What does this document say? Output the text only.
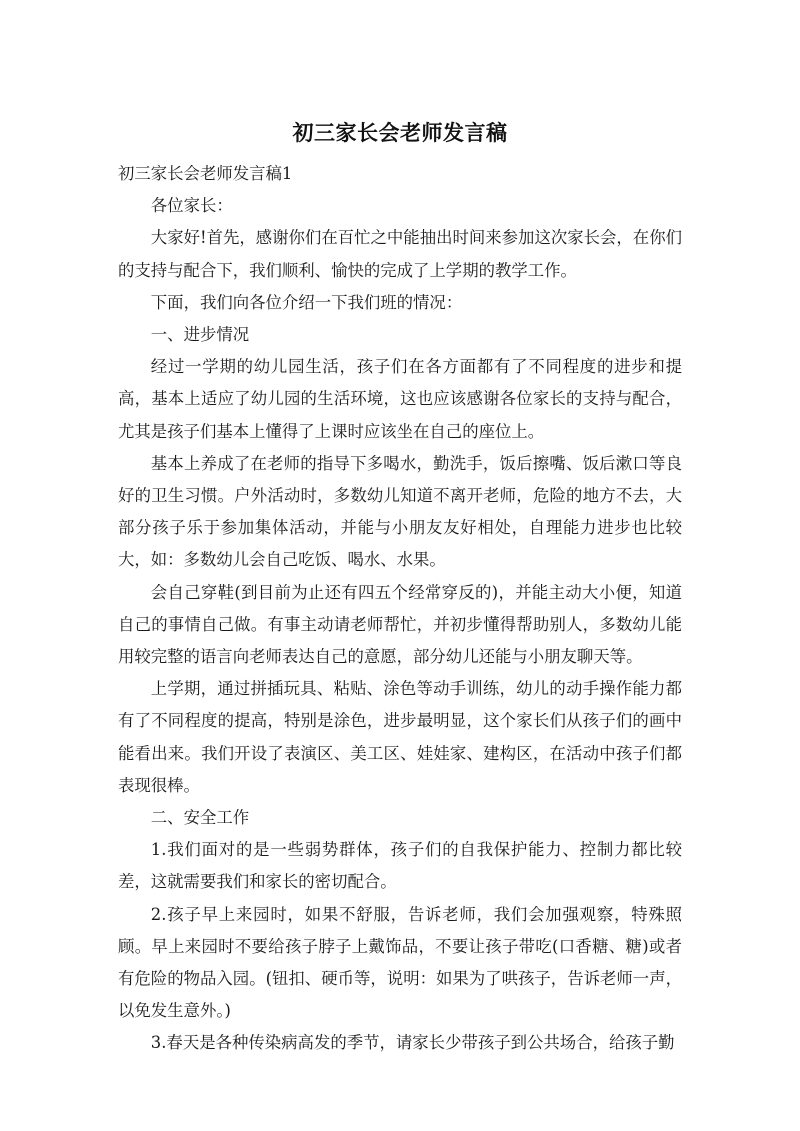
初三家长会老师发言稿

初三家长会老师发言稿1

各位家长：

大家好!首先，感谢你们在百忙之中能抽出时间来参加这次家长会，在你们的支持与配合下，我们顺利、愉快的完成了上学期的教学工作。

下面，我们向各位介绍一下我们班的情况：

一、进步情况

经过一学期的幼儿园生活，孩子们在各方面都有了不同程度的进步和提高，基本上适应了幼儿园的生活环境，这也应该感谢各位家长的支持与配合，尤其是孩子们基本上懂得了上课时应该坐在自己的座位上。

基本上养成了在老师的指导下多喝水，勤洗手，饭后擦嘴、饭后漱口等良好的卫生习惯。户外活动时，多数幼儿知道不离开老师，危险的地方不去，大部分孩子乐于参加集体活动，并能与小朋友友好相处，自理能力进步也比较大，如：多数幼儿会自己吃饭、喝水、水果。

会自己穿鞋(到目前为止还有四五个经常穿反的)，并能主动大小便，知道自己的事情自己做。有事主动请老师帮忙，并初步懂得帮助别人，多数幼儿能用较完整的语言向老师表达自己的意愿，部分幼儿还能与小朋友聊天等。

上学期，通过拼插玩具、粘贴、涂色等动手训练，幼儿的动手操作能力都有了不同程度的提高，特别是涂色，进步最明显，这个家长们从孩子们的画中能看出来。我们开设了表演区、美工区、娃娃家、建构区，在活动中孩子们都表现很棒。

二、安全工作

1.我们面对的是一些弱势群体，孩子们的自我保护能力、控制力都比较差，这就需要我们和家长的密切配合。

2.孩子早上来园时，如果不舒服，告诉老师，我们会加强观察，特殊照顾。早上来园时不要给孩子脖子上戴饰品，不要让孩子带吃(口香糖、糖)或者有危险的物品入园。(钮扣、硬币等，说明：如果为了哄孩子，告诉老师一声，以免发生意外。)

3.春天是各种传染病高发的季节，请家长少带孩子到公共场合，给孩子勤
